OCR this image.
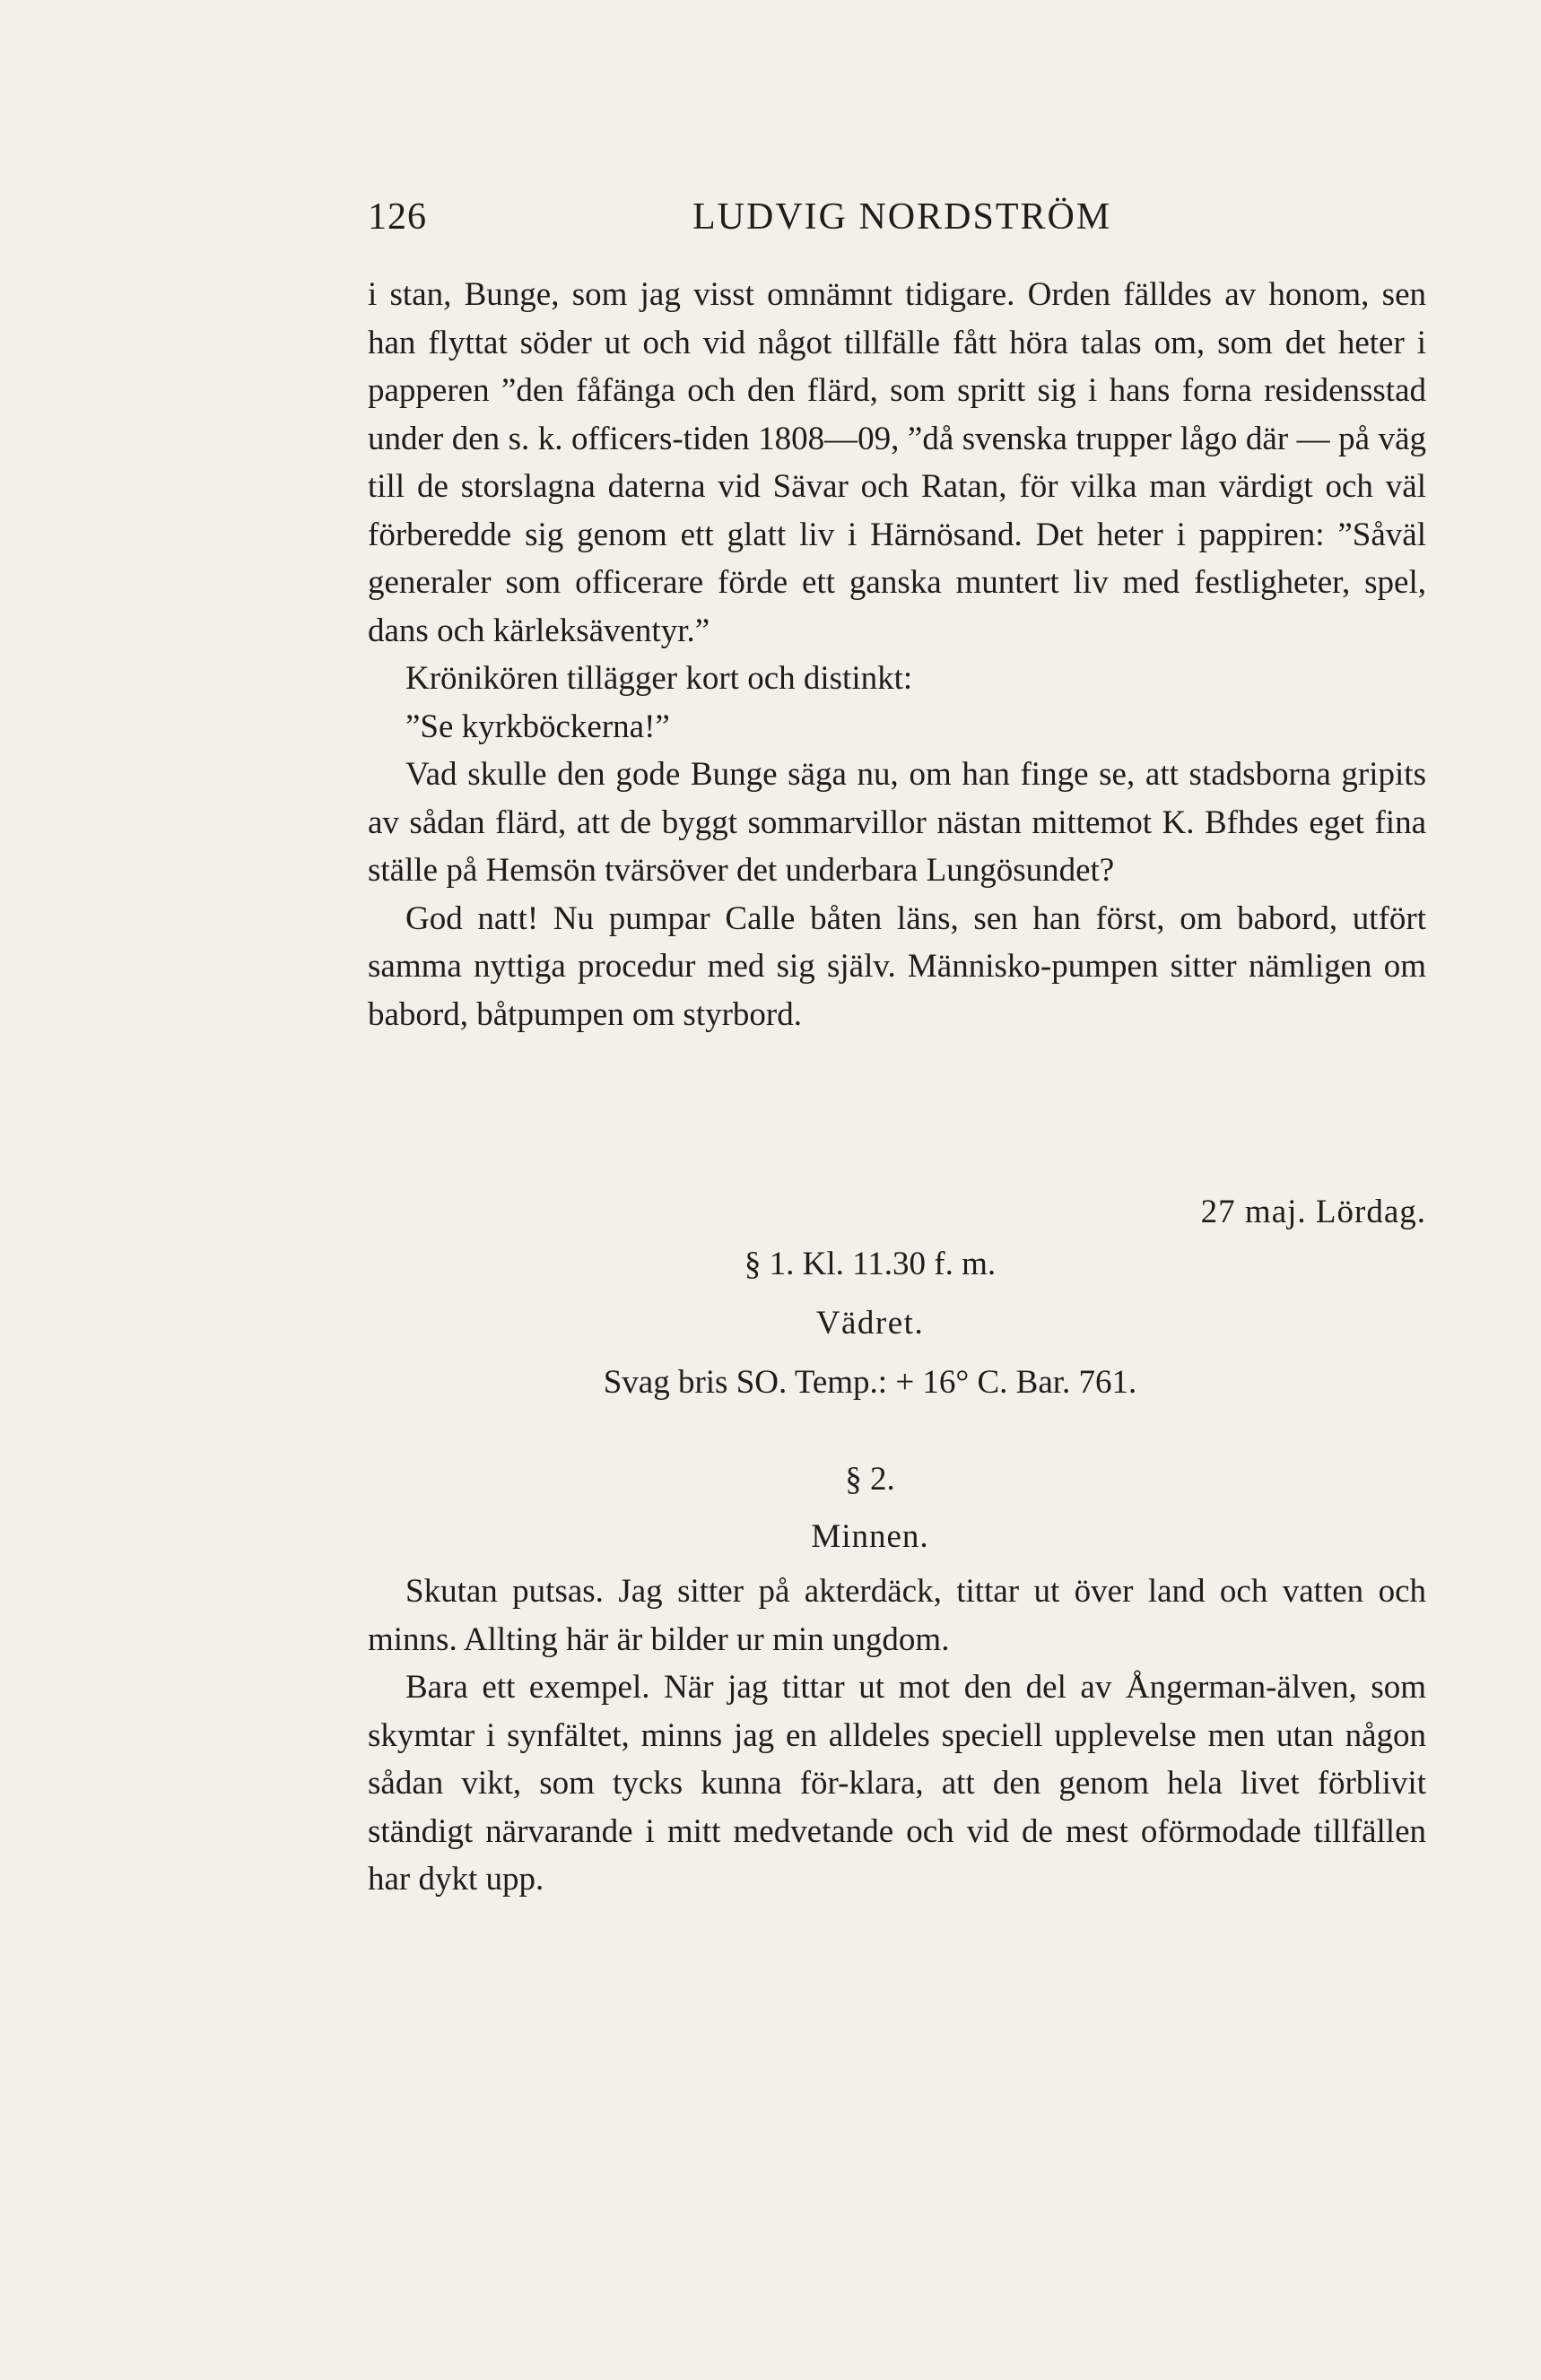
126	LUDVIG NORDSTRÖM

i stan, Bunge, som jag visst omnämnt tidigare. Orden fälldes av honom, sen han flyttat söder ut och vid något tillfälle fått höra talas om, som det heter i papperen ”den fåfänga och den flärd, som spritt sig i hans forna residensstad under den s. k. officers-tiden 1808—09, ”då svenska trupper lågo där — på väg till de storslagna daterna vid Sävar och Ratan, för vilka man värdigt och väl förberedde sig genom ett glatt liv i Härnösand. Det heter i pappiren: ”Såväl generaler som officerare förde ett ganska muntert liv med festligheter, spel, dans och kärleksäventyr.”

Krönikören tillägger kort och distinkt:

”Se kyrkböckerna!”

Vad skulle den gode Bunge säga nu, om han finge se, att stadsborna gripits av sådan flärd, att de byggt sommarvillor nästan mittemot K. Bfhdes eget fina ställe på Hemsön tvärsöver det underbara Lungösundet?

God natt! Nu pumpar Calle båten läns, sen han först, om babord, utfört samma nyttiga procedur med sig själv. Människo-pumpen sitter nämligen om babord, båtpumpen om styrbord.

27 maj. Lördag.
§ 1. Kl. 11.30 f. m.
Vädret.
Svag bris SO. Temp.: + 16° C. Bar. 761.
§ 2.
Minnen.

Skutan putsas. Jag sitter på akterdäck, tittar ut över land och vatten och minns. Allting här är bilder ur min ungdom.

Bara ett exempel. När jag tittar ut mot den del av Ångerman-älven, som skymtar i synfältet, minns jag en alldeles speciell upplevelse men utan någon sådan vikt, som tycks kunna för-klara, att den genom hela livet förblivit ständigt närvarande i mitt medvetande och vid de mest oförmodade tillfällen har dykt upp.
